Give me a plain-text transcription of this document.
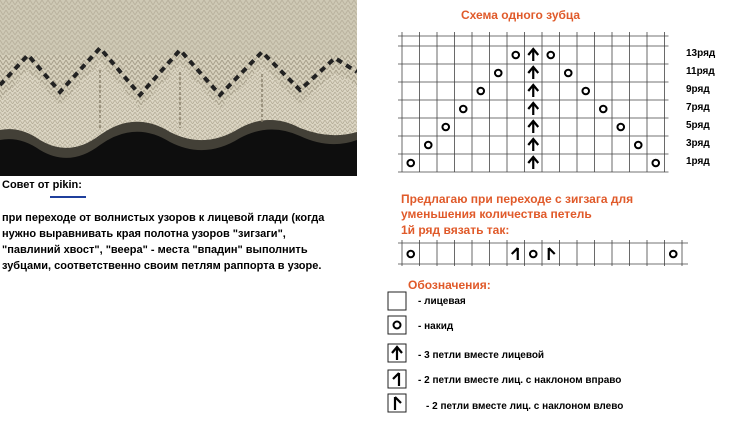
Совет от pikin:
при переходе от волнистых узоров к лицевой глади (когда
нужно выравнивать края полотна узоров "зигзаги",
"павлиний хвост", "веера" - места "впадин" выполнить
зубцами, соответственно своим петлям раппорта в узоре.
Схема одного зубца
13ряд
11ряд
9ряд
7ряд
5ряд
3ряд
1ряд
Предлагаю при переходе с зигзага для
уменьшения количества петель
1й ряд вязать так:
Обозначения:
- лицевая
- накид
- 3 петли вместе лицевой
- 2 петли вместе лиц. с наклоном вправо
- 2 петли вместе лиц. с наклоном влево
